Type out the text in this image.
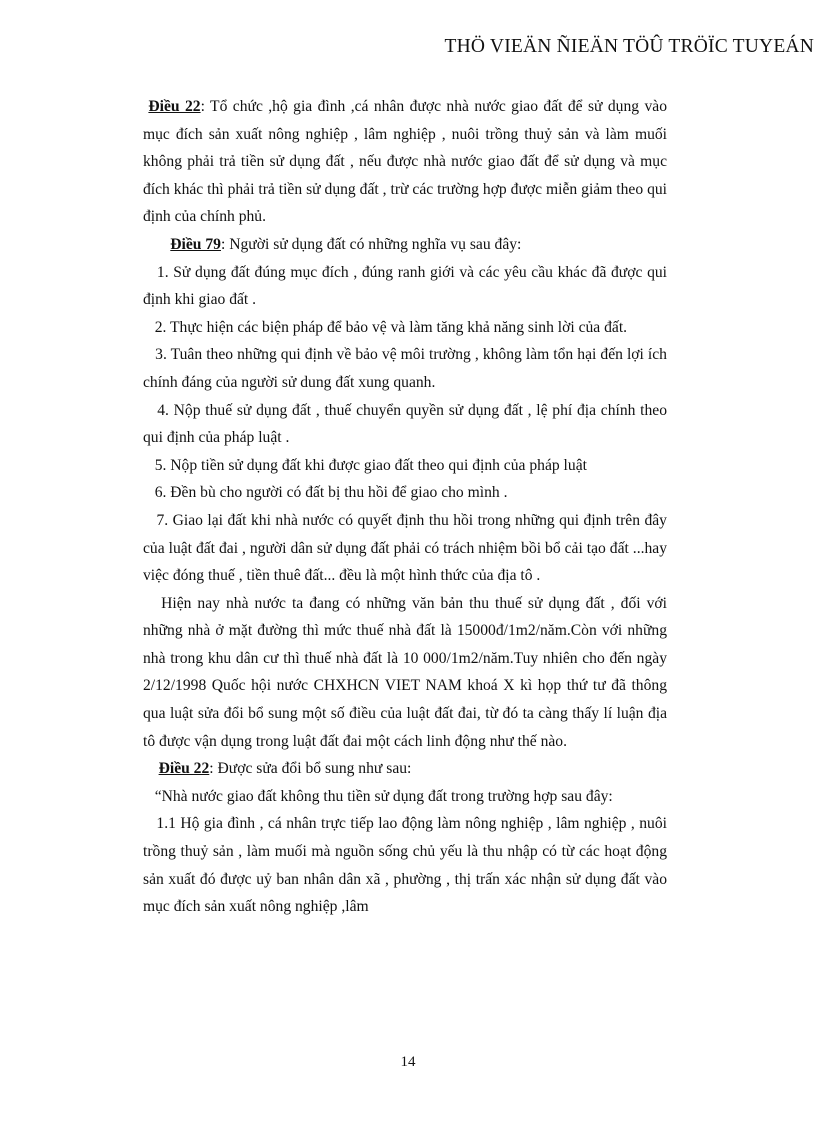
THÖ VIEÄN ÑIEÄN TÖÛ TRÖÏC TUYEÁN

Điều 22: Tổ chức ,hộ gia đình ,cá nhân được nhà nước giao đất để sử dụng vào mục đích sản xuất nông nghiệp , lâm nghiệp , nuôi trồng thuỷ sản và làm muối không phải trả tiền sử dụng đất , nếu được nhà nước giao đất để sử dụng và mục đích khác thì phải trả tiền sử dụng đất , trừ các trường hợp được miễn giảm theo qui định của chính phủ.

Điều 79: Người sử dụng đất có những nghĩa vụ sau đây:

1. Sử dụng đất đúng mục đích , đúng ranh giới và các yêu cầu khác đã được qui định khi giao đất .

2. Thực hiện các biện pháp để bảo vệ và làm tăng khả năng sinh lời của đất.

3. Tuân theo những qui định về bảo vệ môi trường , không làm tổn hại đến lợi ích chính đáng của người sử dung đất xung quanh.

4. Nộp thuế sử dụng đất , thuế chuyển quyền sử dụng đất , lệ phí địa chính theo qui định của pháp luật .

5. Nộp tiền sử dụng đất khi được giao đất theo qui định của pháp luật

6. Đền bù cho người có đất bị thu hồi để giao cho mình .

7. Giao lại đất khi nhà nước có quyết định thu hồi trong những qui định trên đây của luật đất đai , người dân sử dụng đất phải có trách nhiệm bồi bổ cải tạo đất ...hay việc đóng thuế , tiền thuê đất... đều là một hình thức của địa tô .

Hiện nay nhà nước ta đang có những văn bản thu thuế sử dụng đất , đối với những nhà ở mặt đường thì mức thuế nhà đất là 15000đ/1m2/năm.Còn với những nhà trong khu dân cư thì thuế nhà đất là 10 000/1m2/năm.Tuy nhiên cho đến ngày 2/12/1998 Quốc hội nước CHXHCN VIET NAM khoá X kì họp thứ tư đã thông qua luật sửa đổi bổ sung một số điều của luật đất đai, từ đó ta càng thấy lí luận địa tô được vận dụng trong luật đất đai một cách linh động như thế nào.

Điều 22: Được sửa đổi bổ sung như sau:

“Nhà nước giao đất không thu tiền sử dụng đất trong trường hợp sau đây:

1.1 Hộ gia đình , cá nhân trực tiếp lao động làm nông nghiệp , lâm nghiệp , nuôi trồng thuỷ sản , làm muối mà nguồn sống chủ yếu là thu nhập có từ các hoạt động sản xuất đó được uỷ ban nhân dân xã , phường , thị trấn xác nhận sử dụng đất vào mục đích sản xuất nông nghiệp ,lâm

14
